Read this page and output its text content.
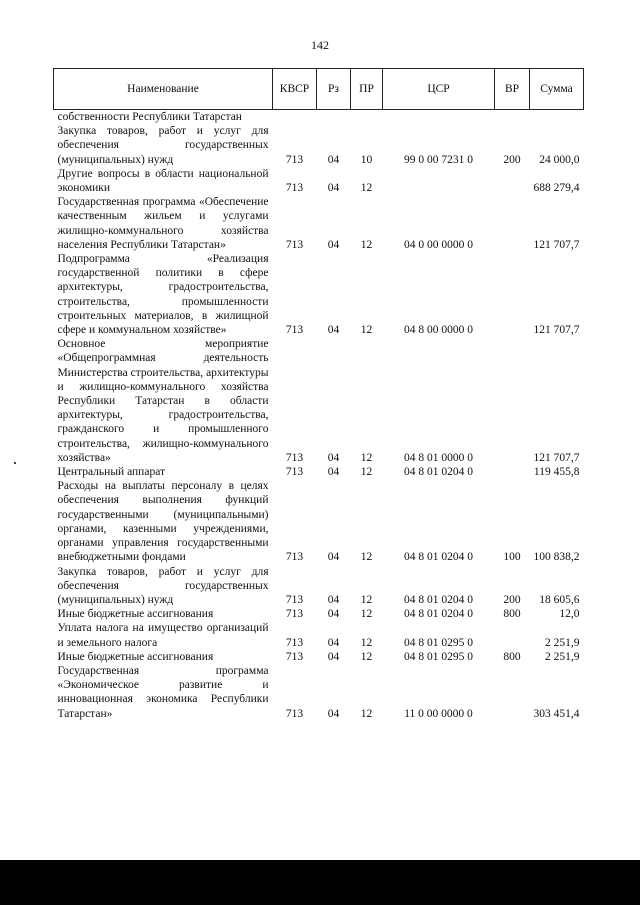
142
Наименование	КВСР	Рз	ПР	ЦСР	ВР	Сумма
собственности Республики Татарстан						
Закупка товаров, работ и услуг для обеспечения государственных (муниципальных) нужд	713	04	10	99 0 00 7231 0	200	24 000,0
Другие вопросы в области национальной экономики	713	04	12			688 279,4
Государственная программа «Обеспечение качественным жильем и услугами жилищно-коммунального хозяйства населения Республики Татарстан»	713	04	12	04 0 00 0000 0		121 707,7
Подпрограмма «Реализация государственной политики в сфере архитектуры, градостроительства, строительства, промышленности строительных материалов, в жилищной сфере и коммунальном хозяйстве»	713	04	12	04 8 00 0000 0		121 707,7
Основное мероприятие «Общепрограммная деятельность Министерства строительства, архитектуры и жилищно-коммунального хозяйства Республики Татарстан в области архитектуры, градостроительства, гражданского и промышленного строительства, жилищно-коммунального хозяйства»	713	04	12	04 8 01 0000 0		121 707,7
Центральный аппарат	713	04	12	04 8 01 0204 0		119 455,8
Расходы на выплаты персоналу в целях обеспечения выполнения функций государственными (муниципальными) органами, казенными учреждениями, органами управления государственными внебюджетными фондами	713	04	12	04 8 01 0204 0	100	100 838,2
Закупка товаров, работ и услуг для обеспечения государственных (муниципальных) нужд	713	04	12	04 8 01 0204 0	200	18 605,6
Иные бюджетные ассигнования	713	04	12	04 8 01 0204 0	800	12,0
Уплата налога на имущество организаций и земельного налога	713	04	12	04 8 01 0295 0		2 251,9
Иные бюджетные ассигнования	713	04	12	04 8 01 0295 0	800	2 251,9
Государственная программа «Экономическое развитие и инновационная экономика Республики Татарстан»	713	04	12	11 0 00 0000 0		303 451,4
